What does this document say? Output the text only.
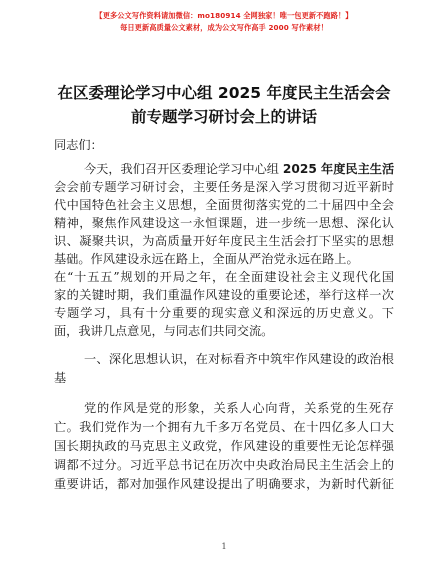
【更多公文写作资料请加微信：mo180914 全网独家！唯一包更新不跑路！】
每日更新高质量公文素材，成为公文写作高手 2000 写作素材！
在区委理论学习中心组 2025 年度民主生活会会
前专题学习研讨会上的讲话
同志们：
今天，我们召开区委理论学习中心组 2025 年度民主生活
会会前专题学习研讨会，主要任务是深入学习贯彻习近平新时
代中国特色社会主义思想，全面贯彻落实党的二十届四中全会
精神，聚焦作风建设这一永恒课题，进一步统一思想、深化认
识、凝聚共识，为高质量开好年度民主生活会打下坚实的思想
基础。作风建设永远在路上，全面从严治党永远在路上。
在“十五五”规划的开局之年，在全面建设社会主义现代化国
家的关键时期，我们重温作风建设的重要论述，举行这样一次
专题学习，具有十分重要的现实意义和深远的历史意义。下
面，我讲几点意见，与同志们共同交流。
一、深化思想认识，在对标看齐中筑牢作风建设的政治根
基
党的作风是党的形象，关系人心向背，关系党的生死存
亡。我们党作为一个拥有九千多万名党员、在十四亿多人口大
国长期执政的马克思主义政党，作风建设的重要性无论怎样强
调都不过分。习近平总书记在历次中央政治局民主生活会上的
重要讲话，都对加强作风建设提出了明确要求，为新时代新征
1
